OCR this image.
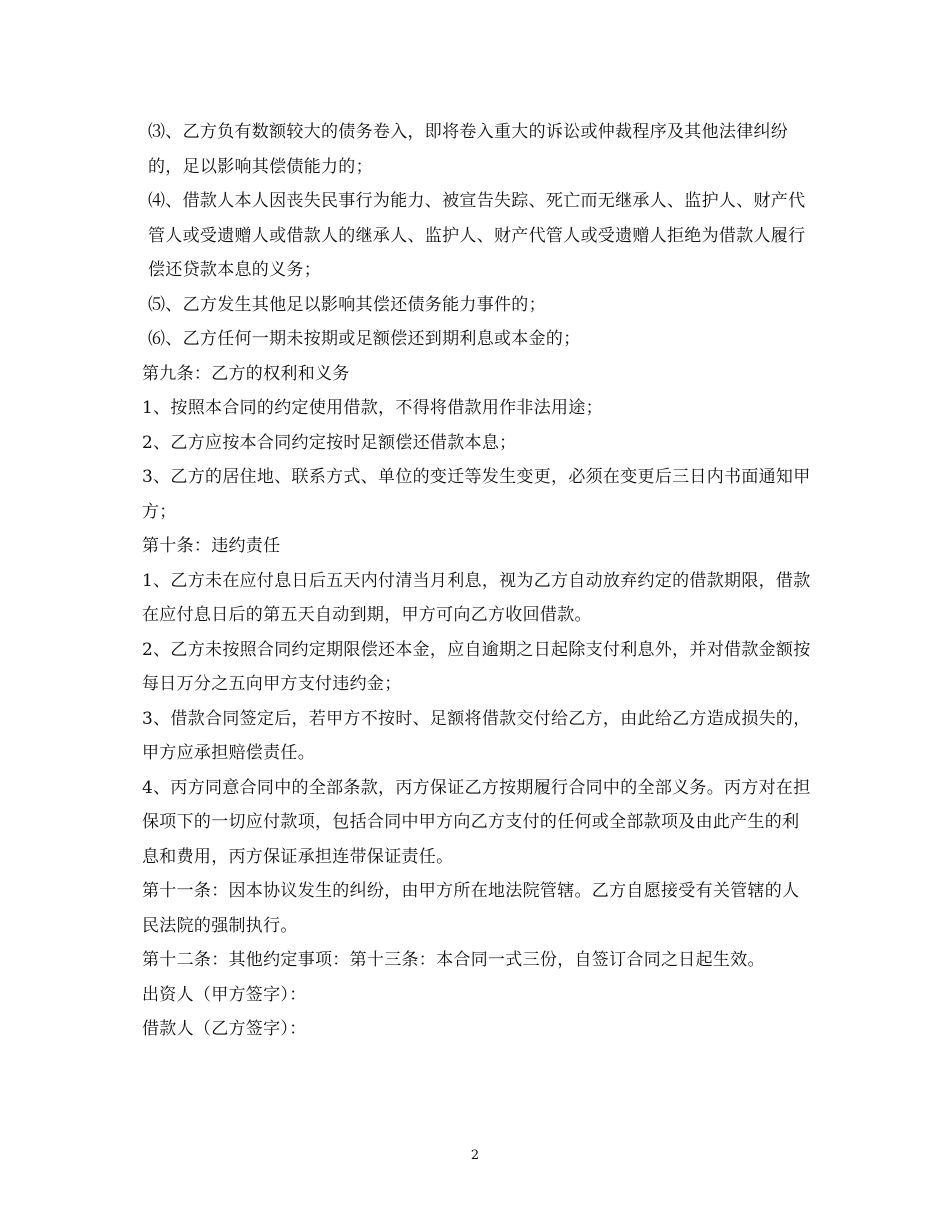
⑶、乙方负有数额较大的债务卷入，即将卷入重大的诉讼或仲裁程序及其他法律纠纷的，足以影响其偿债能力的；

⑷、借款人本人因丧失民事行为能力、被宣告失踪、死亡而无继承人、监护人、财产代管人或受遗赠人或借款人的继承人、监护人、财产代管人或受遗赠人拒绝为借款人履行偿还贷款本息的义务；

⑸、乙方发生其他足以影响其偿还债务能力事件的；

⑹、乙方任何一期未按期或足额偿还到期利息或本金的；

第九条：乙方的权利和义务

1、按照本合同的约定使用借款，不得将借款用作非法用途；

2、乙方应按本合同约定按时足额偿还借款本息；

3、乙方的居住地、联系方式、单位的变迁等发生变更，必须在变更后三日内书面通知甲方；

第十条：违约责任

1、乙方未在应付息日后五天内付清当月利息，视为乙方自动放弃约定的借款期限，借款在应付息日后的第五天自动到期，甲方可向乙方收回借款。

2、乙方未按照合同约定期限偿还本金，应自逾期之日起除支付利息外，并对借款金额按每日万分之五向甲方支付违约金；

3、借款合同签定后，若甲方不按时、足额将借款交付给乙方，由此给乙方造成损失的，甲方应承担赔偿责任。

4、丙方同意合同中的全部条款，丙方保证乙方按期履行合同中的全部义务。丙方对在担保项下的一切应付款项，包括合同中甲方向乙方支付的任何或全部款项及由此产生的利息和费用，丙方保证承担连带保证责任。

第十一条：因本协议发生的纠纷，由甲方所在地法院管辖。乙方自愿接受有关管辖的人民法院的强制执行。

第十二条：其他约定事项：第十三条：本合同一式三份，自签订合同之日起生效。

出资人（甲方签字）：

借款人（乙方签字）：

2
